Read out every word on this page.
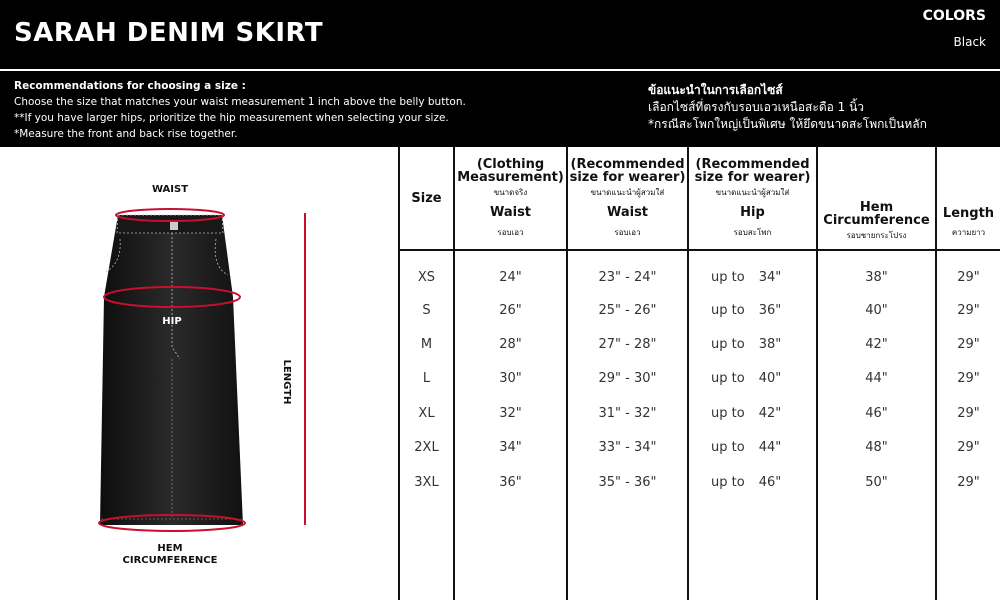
SARAH DENIM SKIRT
COLORS
Black
Recommendations for choosing a size :
Choose the size that matches your waist measurement 1 inch above the belly button.
**If you have larger hips, prioritize the hip measurement when selecting your size.
*Measure the front and back rise together.
ข้อแนะนำในการเลือกไซส์
เลือกไซส์ที่ตรงกับรอบเอวเหนือสะดือ 1 นิ้ว
*กรณีสะโพกใหญ่เป็นพิเศษ ให้ยึดขนาดสะโพกเป็นหลัก
WAIST
HIP
LENGTH
HEM
CIRCUMFERENCE
Size
(Clothing
Measurement)
ขนาดจริง
Waist
รอบเอว
(Recommended
size for wearer)
ขนาดแนะนำผู้สวมใส่
Waist
รอบเอว
(Recommended
size for wearer)
ขนาดแนะนำผู้สวมใส่
Hip
รอบสะโพก
Hem
Circumference
รอบชายกระโปรง
Length
ความยาว
XS	24"	23" - 24"	up to 34"	38"	29"
S	26"	25" - 26"	up to 36"	40"	29"
M	28"	27" - 28"	up to 38"	42"	29"
L	30"	29" - 30"	up to 40"	44"	29"
XL	32"	31" - 32"	up to 42"	46"	29"
2XL	34"	33" - 34"	up to 44"	48"	29"
3XL	36"	35" - 36"	up to 46"	50"	29"
